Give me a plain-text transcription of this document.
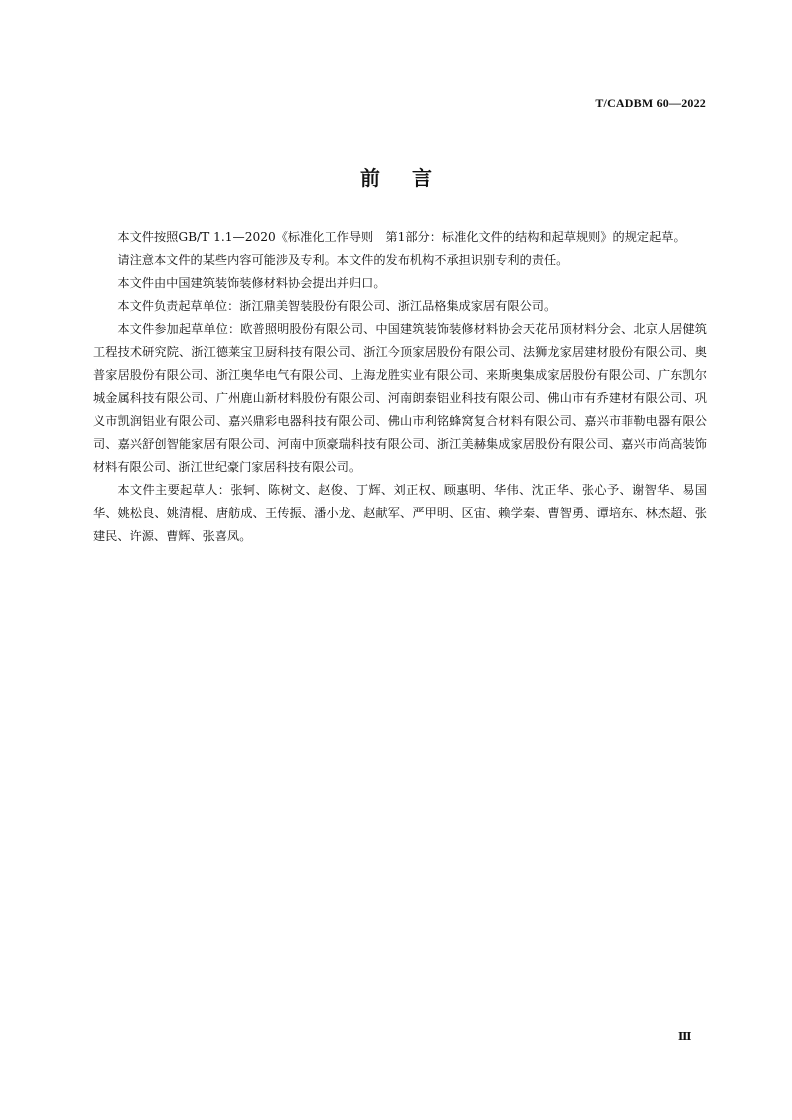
T/CADBM 60—2022
前言

本文件按照GB/T 1.1—2020《标准化工作导则　第1部分：标准化文件的结构和起草规则》的规定起草。

请注意本文件的某些内容可能涉及专利。本文件的发布机构不承担识别专利的责任。

本文件由中国建筑装饰装修材料协会提出并归口。

本文件负责起草单位：浙江鼎美智装股份有限公司、浙江品格集成家居有限公司。

本文件参加起草单位：欧普照明股份有限公司、中国建筑装饰装修材料协会天花吊顶材料分会、北京人居健筑工程技术研究院、浙江德莱宝卫厨科技有限公司、浙江今顶家居股份有限公司、法狮龙家居建材股份有限公司、奥普家居股份有限公司、浙江奥华电气有限公司、上海龙胜实业有限公司、来斯奥集成家居股份有限公司、广东凯尔城金属科技有限公司、广州鹿山新材料股份有限公司、河南朗泰铝业科技有限公司、佛山市有乔建材有限公司、巩义市凯润铝业有限公司、嘉兴鼎彩电器科技有限公司、佛山市利铭蜂窝复合材料有限公司、嘉兴市菲勒电器有限公司、嘉兴舒创智能家居有限公司、河南中顶豪瑞科技有限公司、浙江美赫集成家居股份有限公司、嘉兴市尚高装饰材料有限公司、浙江世纪豪门家居科技有限公司。

本文件主要起草人：张轲、陈树文、赵俊、丁辉、刘正权、顾惠明、华伟、沈正华、张心予、谢智华、易国华、姚松良、姚清棍、唐舫成、王传振、潘小龙、赵献军、严甲明、区宙、赖学秦、曹智勇、谭培东、林杰超、张建民、许源、曹辉、张喜凤。

Ⅲ
